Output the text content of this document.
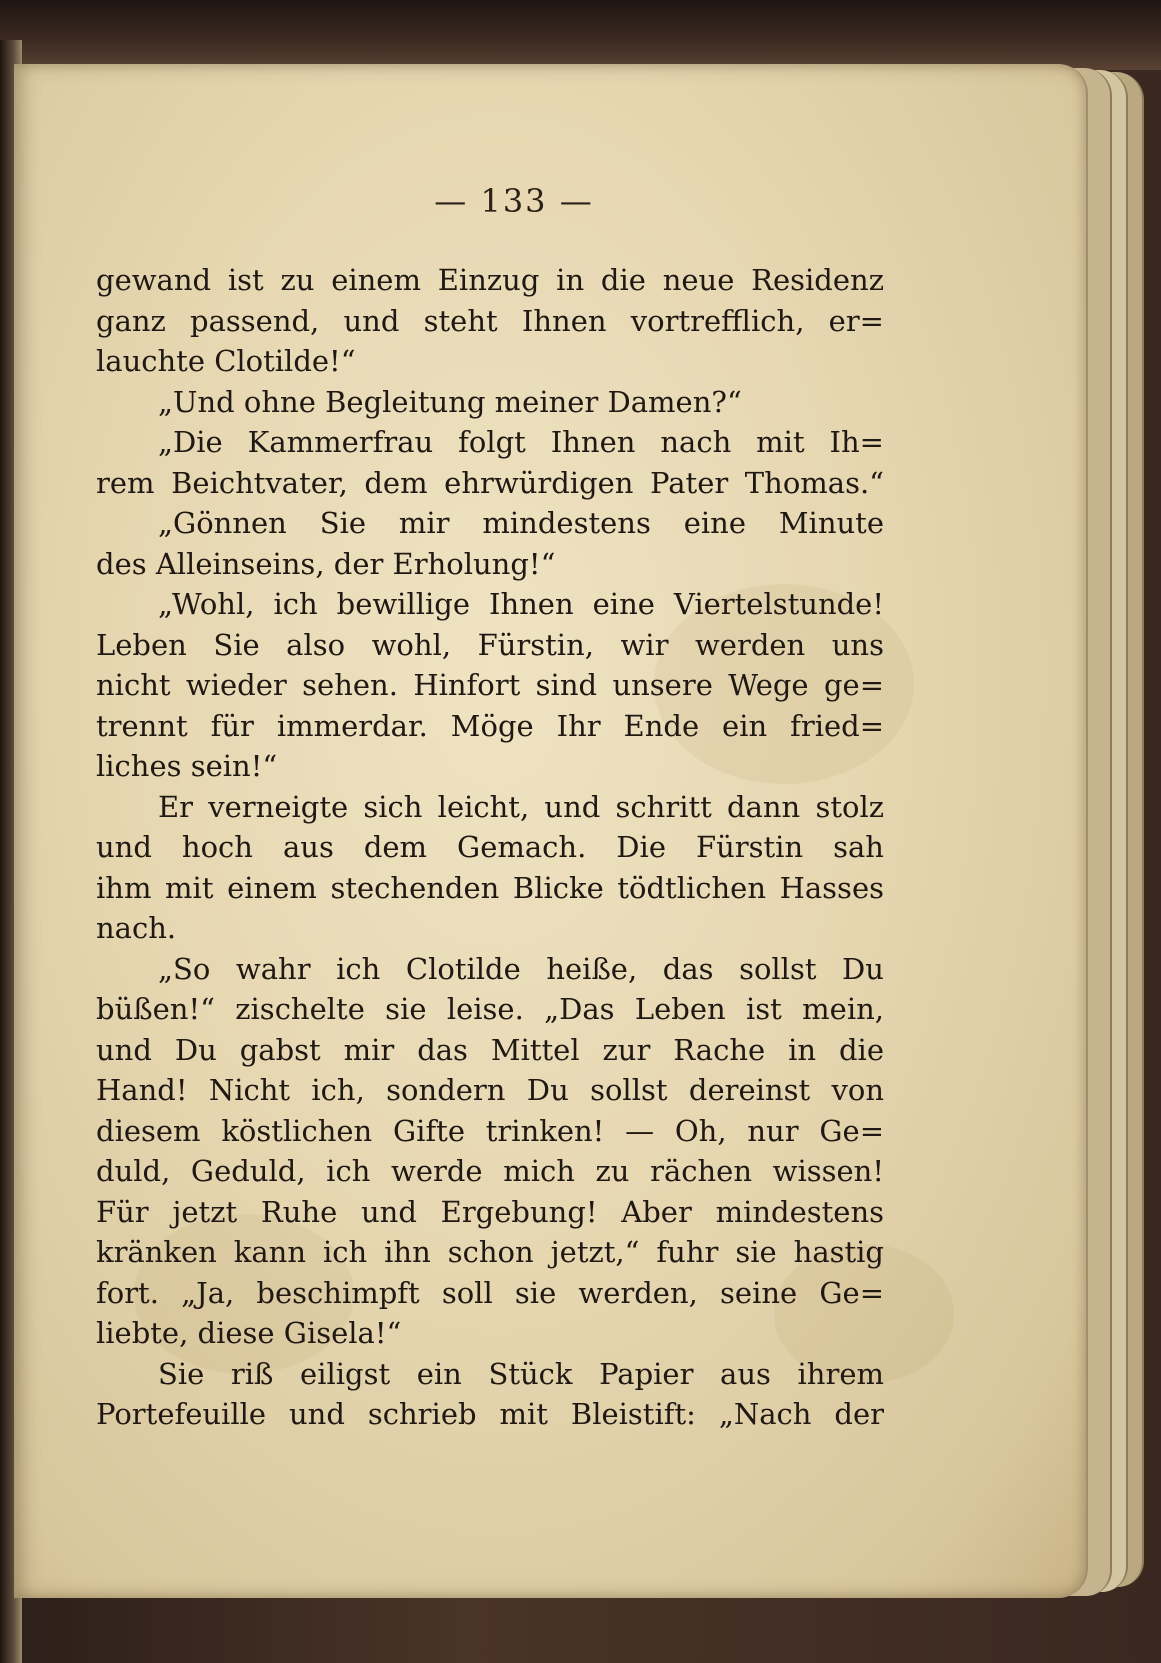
— 133 —
gewand ist zu einem Einzug in die neue Residenz
ganz passend, und steht Ihnen vortrefflich, er=
lauchte Clotilde!“
„Und ohne Begleitung meiner Damen?“
„Die Kammerfrau folgt Ihnen nach mit Ih=
rem Beichtvater, dem ehrwürdigen Pater Thomas.“
„Gönnen Sie mir mindestens eine Minute
des Alleinseins, der Erholung!“
„Wohl, ich bewillige Ihnen eine Viertelstunde!
Leben Sie also wohl, Fürstin, wir werden uns
nicht wieder sehen. Hinfort sind unsere Wege ge=
trennt für immerdar. Möge Ihr Ende ein fried=
liches sein!“
Er verneigte sich leicht, und schritt dann stolz
und hoch aus dem Gemach. Die Fürstin sah
ihm mit einem stechenden Blicke tödtlichen Hasses
nach.
„So wahr ich Clotilde heiße, das sollst Du
büßen!“ zischelte sie leise. „Das Leben ist mein,
und Du gabst mir das Mittel zur Rache in die
Hand! Nicht ich, sondern Du sollst dereinst von
diesem köstlichen Gifte trinken! — Oh, nur Ge=
duld, Geduld, ich werde mich zu rächen wissen!
Für jetzt Ruhe und Ergebung! Aber mindestens
kränken kann ich ihn schon jetzt,“ fuhr sie hastig
fort. „Ja, beschimpft soll sie werden, seine Ge=
liebte, diese Gisela!“
Sie riß eiligst ein Stück Papier aus ihrem
Portefeuille und schrieb mit Bleistift: „Nach der
